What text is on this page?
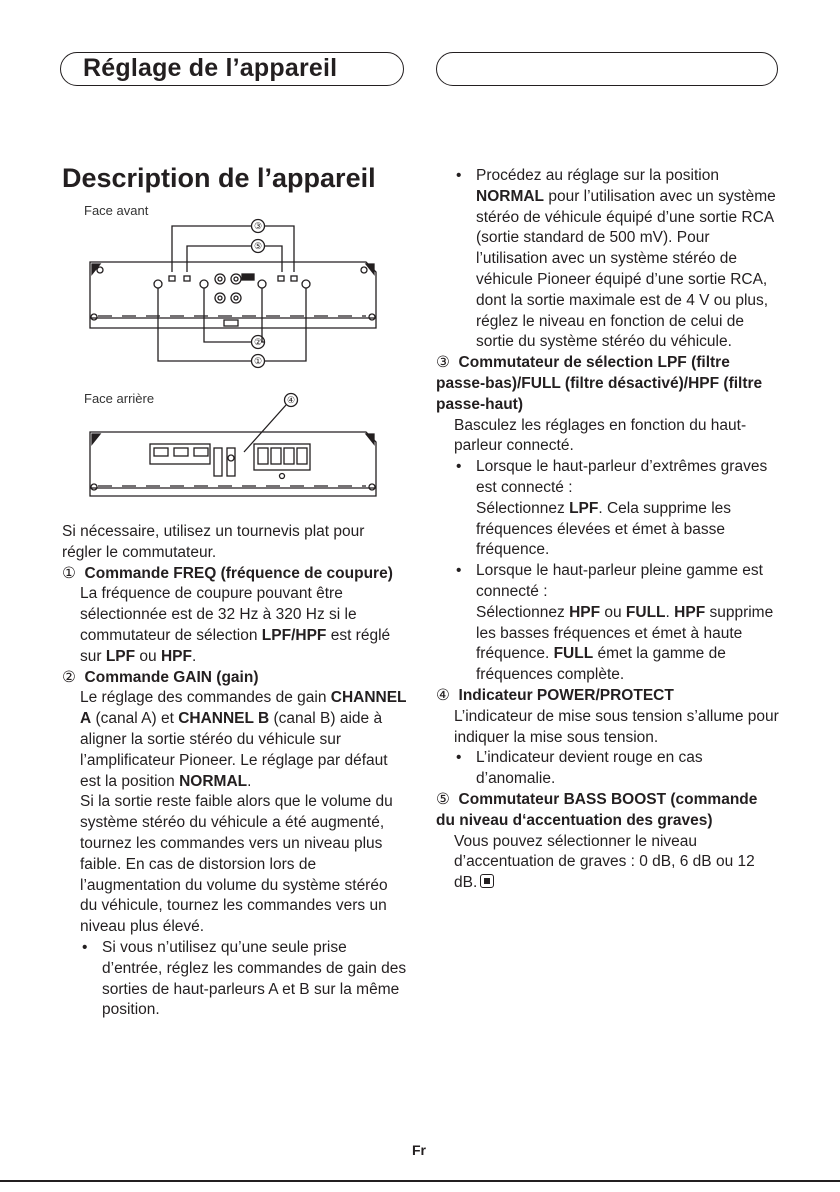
Réglage de l’appareil
Description de l’appareil
Face avant
③
⑤
②
①
Face arrière	④

Si nécessaire, utilisez un tournevis plat pour régler le commutateur.

① Commande FREQ (fréquence de coupure)

La fréquence de coupure pouvant être sélectionnée est de 32 Hz à 320 Hz si le commutateur de sélection LPF/HPF est réglé sur LPF ou HPF.

② Commande GAIN (gain)

Le réglage des commandes de gain CHANNEL A (canal A) et CHANNEL B (canal B) aide à aligner la sortie stéréo du véhicule sur l’amplificateur Pioneer. Le réglage par défaut est la position NORMAL.

Si la sortie reste faible alors que le volume du système stéréo du véhicule a été augmenté, tournez les commandes vers un niveau plus faible. En cas de distorsion lors de l’augmentation du volume du système stéréo du véhicule, tournez les commandes vers un niveau plus élevé.

• Si vous n’utilisez qu’une seule prise d’entrée, réglez les commandes de gain des sorties de haut-parleurs A et B sur la même position.

• Procédez au réglage sur la position NORMAL pour l’utilisation avec un système stéréo de véhicule équipé d’une sortie RCA (sortie standard de 500 mV). Pour l’utilisation avec un système stéréo de véhicule Pioneer équipé d’une sortie RCA, dont la sortie maximale est de 4 V ou plus, réglez le niveau en fonction de celui de sortie du système stéréo du véhicule.

③ Commutateur de sélection LPF (filtre passe-bas)/FULL (filtre désactivé)/HPF (filtre passe-haut)

Basculez les réglages en fonction du haut-parleur connecté.

• Lorsque le haut-parleur d’extrêmes graves est connecté :

Sélectionnez LPF. Cela supprime les fréquences élevées et émet à basse fréquence.

• Lorsque le haut-parleur pleine gamme est connecté :

Sélectionnez HPF ou FULL. HPF supprime les basses fréquences et émet à haute fréquence. FULL émet la gamme de fréquences complète.

④ Indicateur POWER/PROTECT

L’indicateur de mise sous tension s’allume pour indiquer la mise sous tension.

• L’indicateur devient rouge en cas d’anomalie.

⑤ Commutateur BASS BOOST (commande du niveau d‘accentuation des graves)

Vous pouvez sélectionner le niveau d’accentuation de graves : 0 dB, 6 dB ou 12 dB.

Fr
